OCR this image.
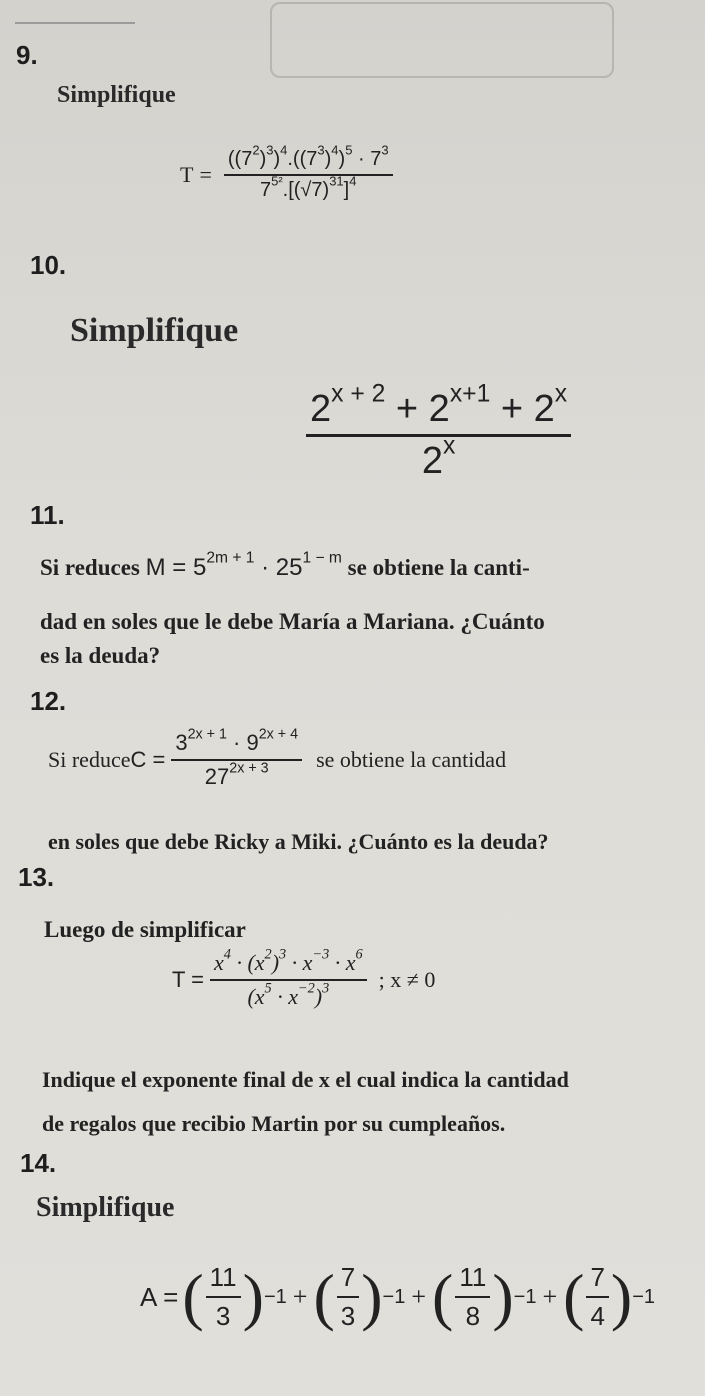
9.
Simplifique
$T = \frac{((7^2)^3)^4.((7^3)^4)^5 \cdot 7^3}{7^{5^2}.[(√7)^{31}]^4}$
10.
Simplifique
$\frac{2^{x + 2} + 2^{x+1} + 2^x}{2^x}$
11.
Si reduces $M = 5^{2m + 1} \cdot 25^{1 - m}$ se obtiene la canti-
dad en soles que le debe María a Mariana. ¿Cuánto
es la deuda?
12.
Si reduce $C = \frac{3^{2x + 1} \cdot 9^{2x + 4}}{27^{2x + 3}}$ se obtiene la cantidad
en soles que debe Ricky a Miki. ¿Cuánto es la deuda?
13.
Luego de simplificar
$T = \frac{x^4 \cdot (x^2)^3 \cdot x^{-3} \cdot x^6}{(x^5 \cdot x^{-2})^3}$ ; x ≠ 0
Indique el exponente final de x el cual indica la cantidad
de regalos que recibio Martin por su cumpleaños.
14.
Simplifique
A = ( $\frac{11}{3}$ ) −1 + ( $\frac{7}{3}$ ) −1 + ( $\frac{11}{8}$ ) −1 + ( $\frac{7}{4}$ ) −1
